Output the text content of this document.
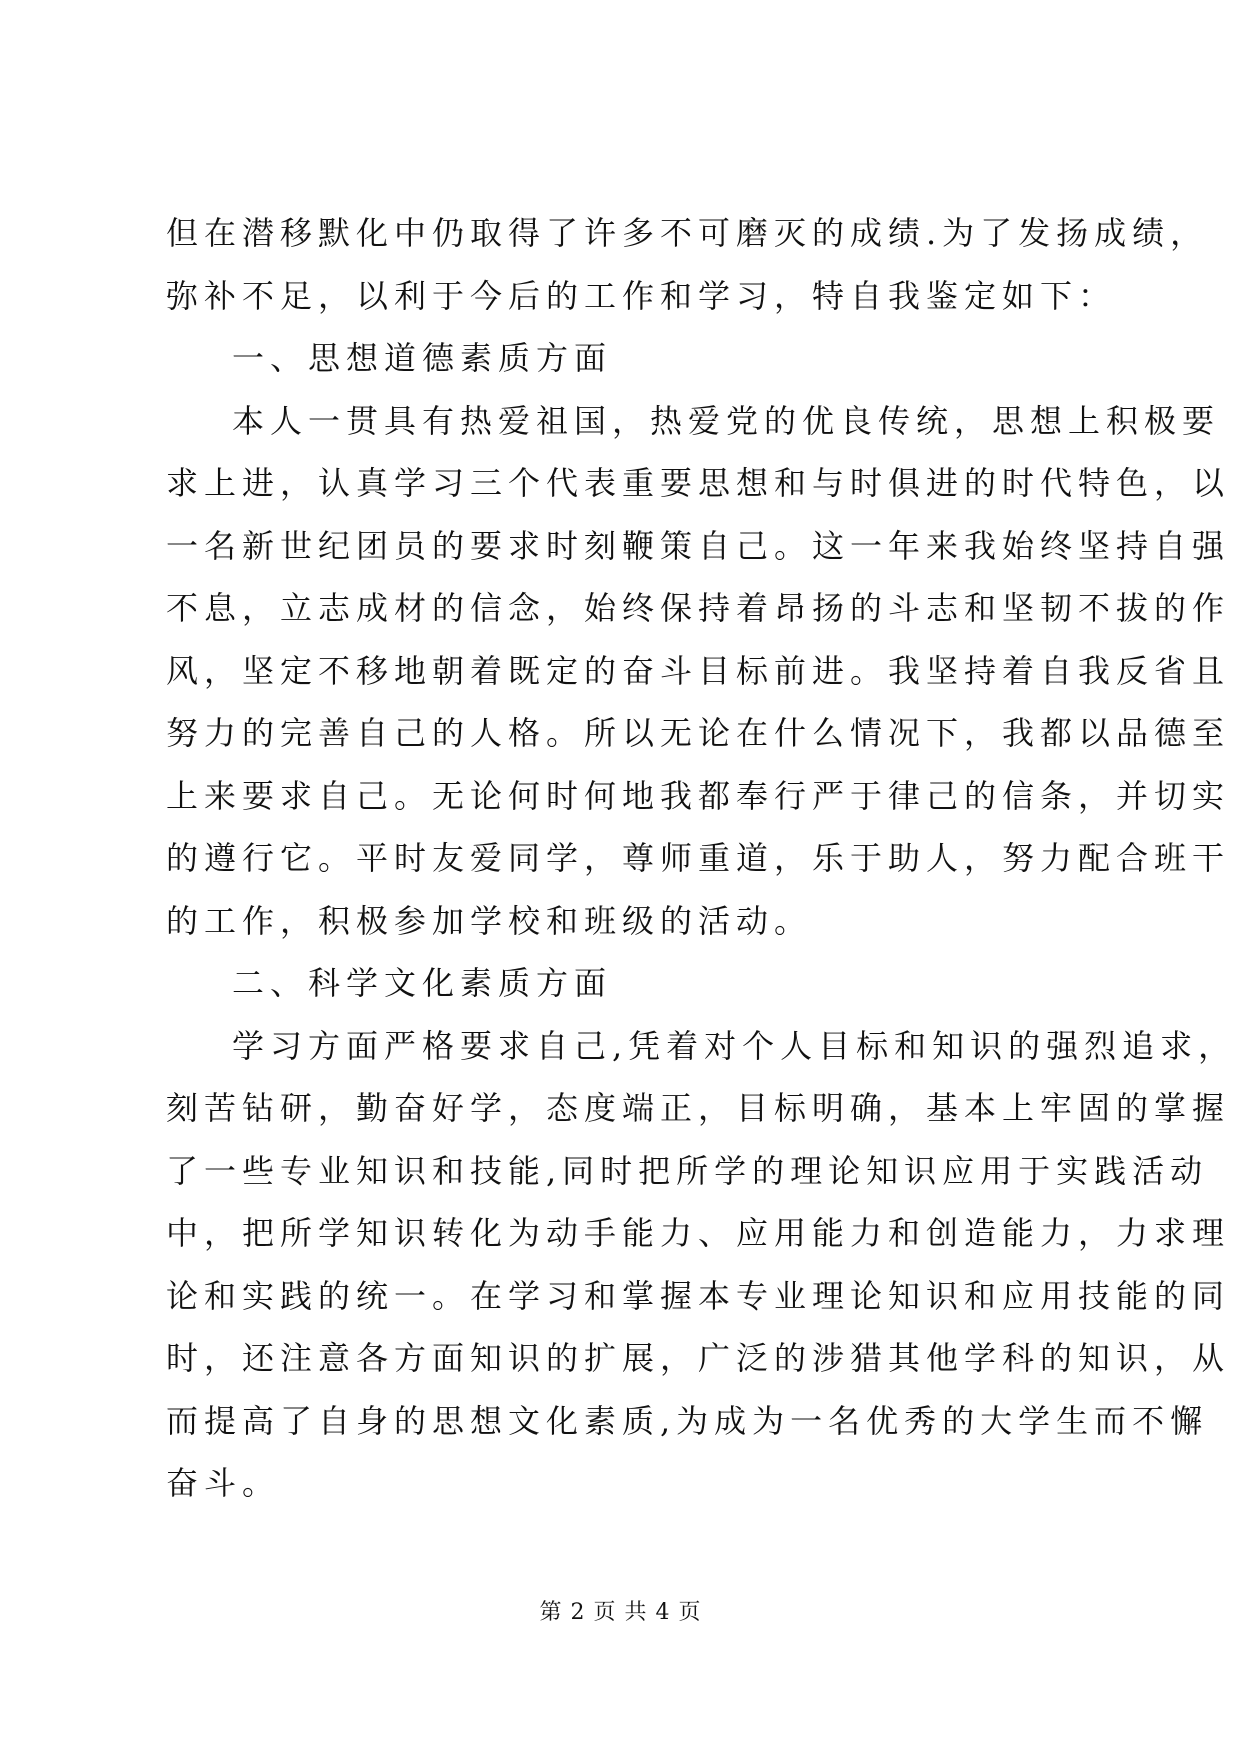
但在潜移默化中仍取得了许多不可磨灭的成绩.为了发扬成绩，
弥补不足，以利于今后的工作和学习，特自我鉴定如下：
一、思想道德素质方面
本人一贯具有热爱祖国，热爱党的优良传统，思想上积极要
求上进，认真学习三个代表重要思想和与时俱进的时代特色，以
一名新世纪团员的要求时刻鞭策自己。这一年来我始终坚持自强
不息，立志成材的信念，始终保持着昂扬的斗志和坚韧不拔的作
风，坚定不移地朝着既定的奋斗目标前进。我坚持着自我反省且
努力的完善自己的人格。所以无论在什么情况下，我都以品德至
上来要求自己。无论何时何地我都奉行严于律己的信条，并切实
的遵行它。平时友爱同学，尊师重道，乐于助人，努力配合班干
的工作，积极参加学校和班级的活动。
二、科学文化素质方面
学习方面严格要求自己,凭着对个人目标和知识的强烈追求，
刻苦钻研，勤奋好学，态度端正，目标明确，基本上牢固的掌握
了一些专业知识和技能,同时把所学的理论知识应用于实践活动
中，把所学知识转化为动手能力、应用能力和创造能力，力求理
论和实践的统一。在学习和掌握本专业理论知识和应用技能的同
时，还注意各方面知识的扩展，广泛的涉猎其他学科的知识，从
而提高了自身的思想文化素质,为成为一名优秀的大学生而不懈
奋斗。
第 2 页 共 4 页
